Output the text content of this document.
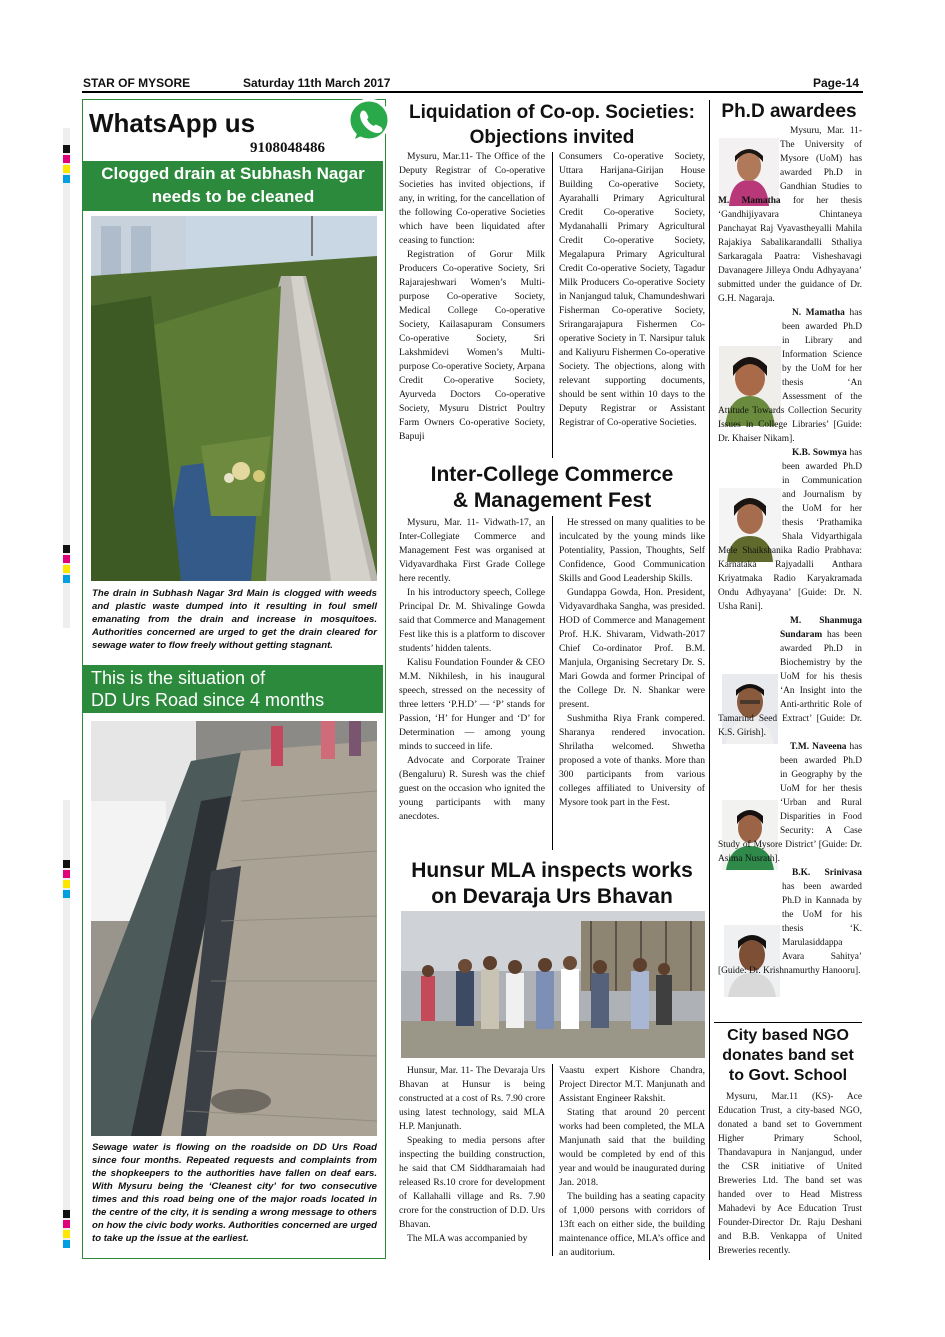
STAR OF MYSORE	Saturday 11th March 2017	Page-14
WhatsApp us
9108048486
Clogged drain at Subhash Nagar
needs to be cleaned
The drain in Subhash Nagar 3rd Main is clogged with weeds and plastic waste dumped into it resulting in foul smell emanating from the drain and increase in mosquitoes. Authorities concerned are urged to get the drain cleared for sewage water to flow freely without getting stagnant.
This is the situation of
DD Urs Road since 4 months
Sewage water is flowing on the roadside on DD Urs Road since four months. Repeated requests and complaints from the shopkeepers to the authorities have fallen on deaf ears. With Mysuru being the ‘Cleanest city’ for two consecutive times and this road being one of the major roads located in the centre of the city, it is sending a wrong message to others on how the civic body works. Authorities concerned are urged to take up the issue at the earliest.
Liquidation of Co-op. Societies:
Objections invited

Mysuru, Mar.11- The Office of the Deputy Registrar of Co-operative Societies has invited objections, if any, in writing, for the cancellation of the following Co-operative Societies which have been liquidated after ceasing to function:

Registration of Gorur Milk Producers Co-operative Society, Sri Rajarajeshwari Women’s Multi-purpose Co-operative Society, Medical College Co-operative Society, Kailasapuram Consumers Co-operative Society, Sri Lakshmidevi Women’s Multi- purpose Co-operative Society, Arpana Credit Co-operative Society, Ayurveda Doctors Co-operative Society, Mysuru District Poultry Farm Owners Co-operative Society, Bapuji

Consumers Co-operative Society, Uttara Harijana-Girijan House Building Co-operative Society, Ayarahalli Primary Agricultural Credit Co-operative Society, Mydanahalli Primary Agricultural Credit Co-operative Society, Megalapura Primary Agricultural Credit Co-operative Society, Tagadur Milk Producers Co-operative Society in Nanjangud taluk, Chamundeshwari Fisherman Co-operative Society, Srirangarajapura Fishermen Co-operative Society in T. Narsipur taluk and Kaliyuru Fishermen Co-operative Society. The objections, along with relevant supporting documents, should be sent within 10 days to the Deputy Registrar or Assistant Registrar of Co-operative Societies.

Inter-College Commerce
& Management Fest

Mysuru, Mar. 11- Vidwath-17, an Inter-Collegiate Commerce and Management Fest was organised at Vidyavardhaka First Grade College here recently.

In his introductory speech, College Principal Dr. M. Shivalinge Gowda said that Commerce and Management Fest like this is a platform to discover students’ hidden talents.

Kalisu Foundation Founder & CEO M.M. Nikhilesh, in his inaugural speech, stressed on the necessity of three letters ‘P.H.D’ — ‘P’ stands for Passion, ‘H’ for Hunger and ‘D’ for Determination — among young minds to succeed in life.

Advocate and Corporate Trainer (Bengaluru) R. Suresh was the chief guest on the occasion who ignited the young participants with many anecdotes.

He stressed on many qualities to be inculcated by the young minds like Potentiality, Passion, Thoughts, Self Confidence, Good Communication Skills and Good Leadership Skills.

Gundappa Gowda, Hon. President, Vidyavardhaka Sangha, was presided. HOD of Commerce and Management Prof. H.K. Shivaram, Vidwath-2017 Chief Co-ordinator Prof. B.M. Manjula, Organising Secretary Dr. S. Mari Gowda and former Principal of the College Dr. N. Shankar were present.

Sushmitha Riya Frank compered. Sharanya rendered invocation. Shrilatha welcomed. Shwetha proposed a vote of thanks. More than 300 participants from various colleges affiliated to University of Mysore took part in the Fest.

Hunsur MLA inspects works
on Devaraja Urs Bhavan

Hunsur, Mar. 11- The Devaraja Urs Bhavan at Hunsur is being constructed at a cost of Rs. 7.90 crore using latest technology, said MLA H.P. Manjunath.

Speaking to media persons after inspecting the building construction, he said that CM Siddharamaiah had released Rs.10 crore for development of Kallahalli village and Rs. 7.90 crore for the construction of D.D. Urs Bhavan.

The MLA was accompanied by

Vaastu expert Kishore Chandra, Project Director M.T. Manjunath and Assistant Engineer Rakshit.

Stating that around 20 percent works had been completed, the MLA Manjunath said that the building would be completed by end of this year and would be inaugurated during Jan. 2018.

The building has a seating capacity of 1,000 persons with corridors of 13ft each on either side, the building maintenance office, MLA’s office and an auditorium.

Ph.D awardees

Mysuru, Mar. 11- The University of Mysore (UoM) has awarded Ph.D in Gandhian Studies to M. Mamatha for her thesis ‘Gandhijiyavara Chintaneya Panchayat Raj Vyavastheyalli Mahila Rajakiya Sabalikarandalli Sthaliya Sarkaragala Paatra: Visheshavagi Davanagere Jilleya Ondu Adhyayana’ submitted under the guidance of Dr. G.H. Nagaraja.

N. Mamatha has been awarded Ph.D in Library and Information Science by the UoM for her thesis ‘An Assessment of the Attitude Towards Collection Security Issues in College Libraries’ [Guide: Dr. Khaiser Nikam].

K.B. Sowmya has been awarded Ph.D in Communication and Journalism by the UoM for her thesis ‘Prathamika Shala Vidyarthigala Mele Shaikshanika Radio Prabhava: Karnataka Rajyadalli Anthara Kriyatmaka Radio Karyakramada Ondu Adhyayana’ [Guide: Dr. N. Usha Rani].

M. Shanmuga Sundaram has been awarded Ph.D in Biochemistry by the UoM for his thesis ‘An Insight into the Anti-arthritic Role of Tamarind Seed Extract’ [Guide: Dr. K.S. Girish].

T.M. Naveena has been awarded Ph.D in Geography by the UoM for her thesis ‘Urban and Rural Disparities in Food Security: A Case Study of Mysore District’ [Guide: Dr. Asima Nusrath].

B.K. Srinivasa has been awarded Ph.D in Kannada by the UoM for his thesis ‘K. Marulasiddappa Avara Sahitya’ [Guide: Dr. Krishnamurthy Hanooru].

City based NGO
donates band set
to Govt. School

Mysuru, Mar.11 (KS)- Ace Education Trust, a city-based NGO, donated a band set to Government Higher Primary School, Thandavapura in Nanjangud, under the CSR initiative of United Breweries Ltd. The band set was handed over to Head Mistress Mahadevi by Ace Education Trust Founder-Director Dr. Raju Deshani and B.B. Venkappa of United Breweries recently.
